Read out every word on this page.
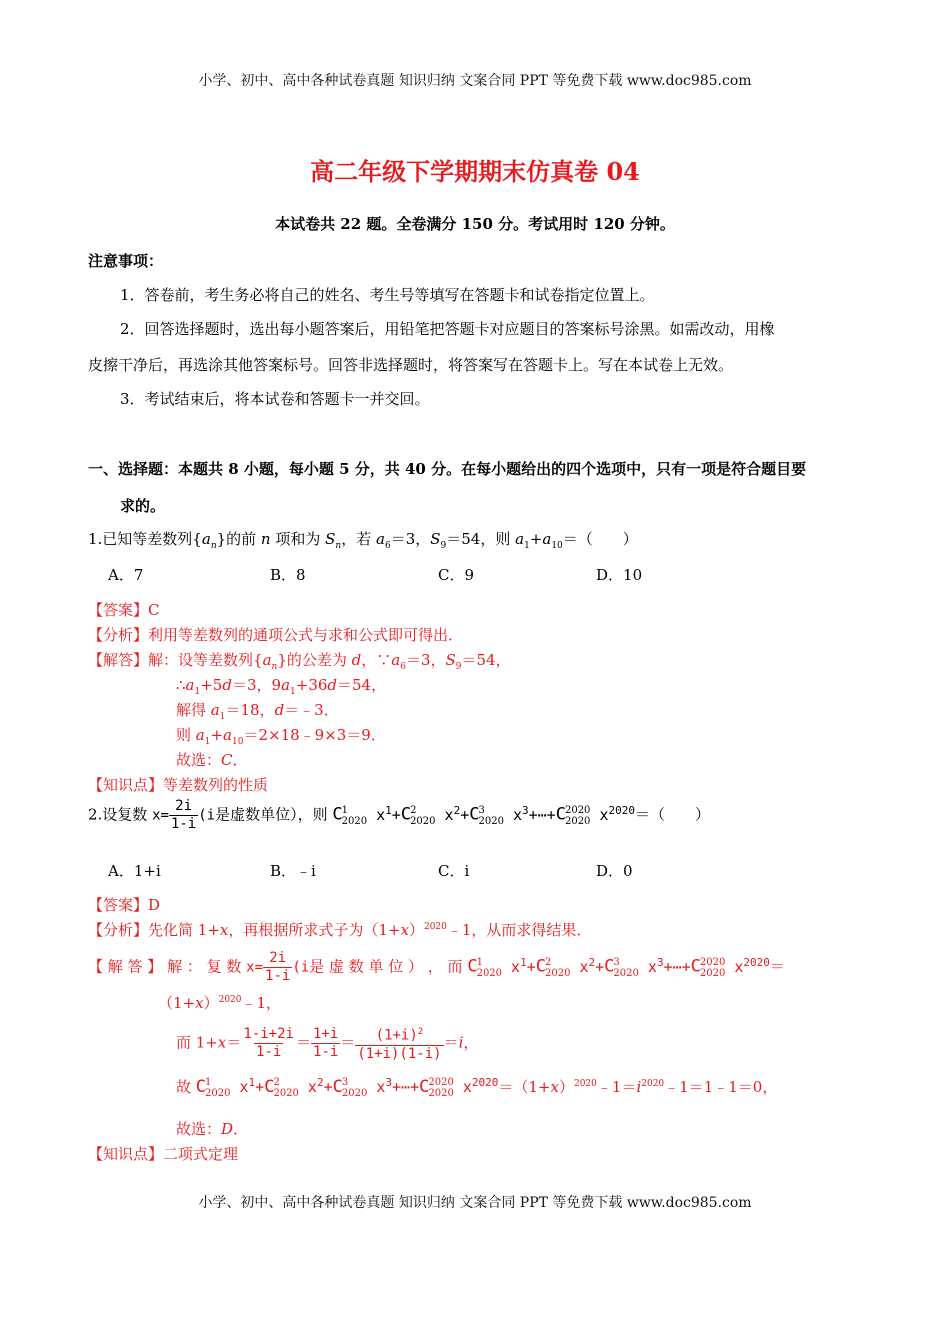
小学、初中、高中各种试卷真题 知识归纳 文案合同 PPT 等免费下载 www.doc985.com
高二年级下学期期末仿真卷 04
本试卷共 22 题。全卷满分 150 分。考试用时 120 分钟。
注意事项：
1．答卷前，考生务必将自己的姓名、考生号等填写在答题卡和试卷指定位置上。
2．回答选择题时，选出每小题答案后，用铅笔把答题卡对应题目的答案标号涂黑。如需改动，用橡
皮擦干净后，再选涂其他答案标号。回答非选择题时，将答案写在答题卡上。写在本试卷上无效。
3．考试结束后，将本试卷和答题卡一并交回。
一、选择题：本题共 8 小题，每小题 5 分，共 40 分。在每小题给出的四个选项中，只有一项是符合题目要
求的。
1.已知等差数列$\{a_n\}$的前 n 项和为 $S_n$，若 $a_6=3$，$S_9=54$，则 $a_1+a_{10}=$（　　）
A．7	B．8	C．9	D．10
【答案】C
【分析】利用等差数列的通项公式与求和公式即可得出．
【解答】解：设等差数列$\{a_n\}$的公差为 d，$\because a_6=3$，$S_9=54$，
$\therefore a_1+5d=3$，$9a_1+36d=54$，
解得 $a_1=18$，d＝﹣3．
则 $a_1+a_{10}=2\times 18﹣9\times 3=9$．
故选：C．
【知识点】等差数列的性质
2.设复数 $x= \frac{2i}{1-i} (i$是虚数单位），则 C 1
2020 $x^1+C$ 2
2020 $x^2+C$ 3
2020 $x^3+\cdots+C$ 2020
2020 $x^{2020}=$（　　）
A．1+i	B．﹣i	C．i	D．0
【答案】D
【分析】先化简 1+x，再根据所求式子为$(1+x)^{2020}﹣1$，从而求得结果．
【 解 答 】 解 ： 复 数 $x= \frac{2i}{1-i} (i$是 虚 数 单 位 ） ， 而 C 1
2020 $x^1+C$ 2
2020 $x^2+C$ 3
2020 $x^3+\cdots+C$ 2020
2020 $x^{2020}=$
$(1+x)^{2020}﹣1$，
而 $1+x= \frac{1-i+2i}{1-i} = \frac{1+i}{1-i} = \frac{(1+i)^2}{(1+i)(1-i)} =i$，
故 C 1
2020 $x^1+C$ 2
2020 $x^2+C$ 3
2020 $x^3+\cdots+C$ 2020
2020 $x^{2020}=(1+x)^{2020}﹣1=i^{2020}﹣1=1﹣1=0$，
故选：D．
【知识点】二项式定理
小学、初中、高中各种试卷真题 知识归纳 文案合同 PPT 等免费下载 www.doc985.com
